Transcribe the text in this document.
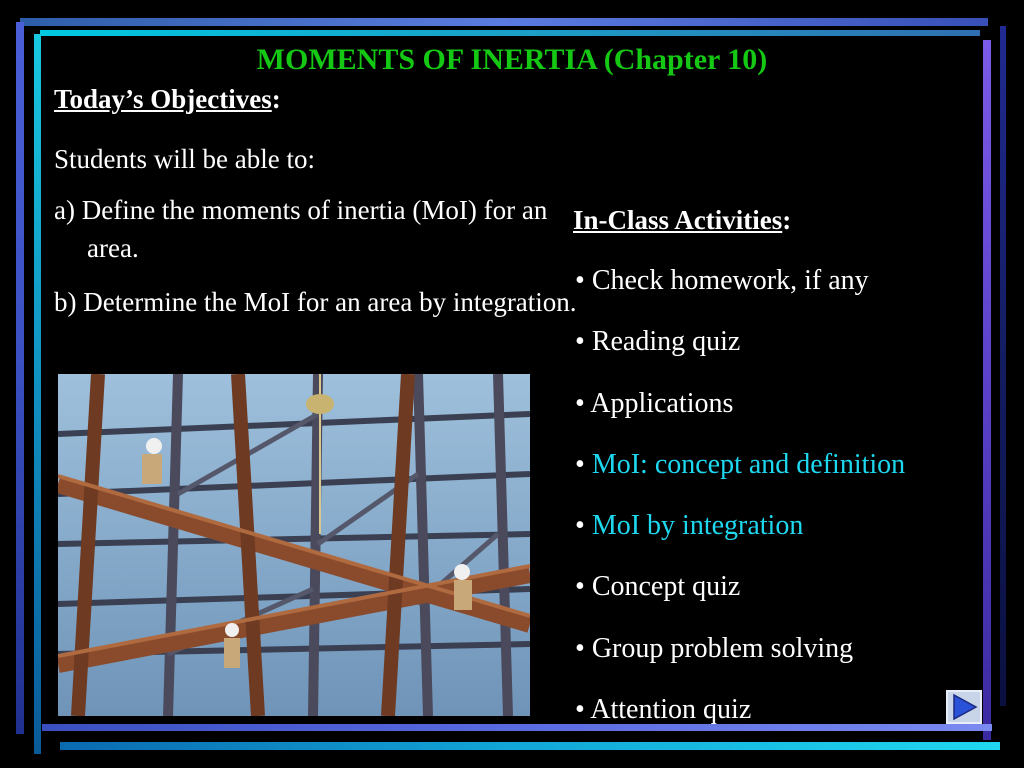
MOMENTS OF INERTIA (Chapter 10)
Today’s Objectives:
Students will be able to:
a) Define the moments of inertia (MoI) for an area.
b) Determine the MoI for an area by integration.
In-Class Activities:
• Check homework, if any
• Reading quiz
• Applications
• MoI: concept and definition
• MoI by integration
• Concept quiz
• Group problem solving
• Attention quiz
